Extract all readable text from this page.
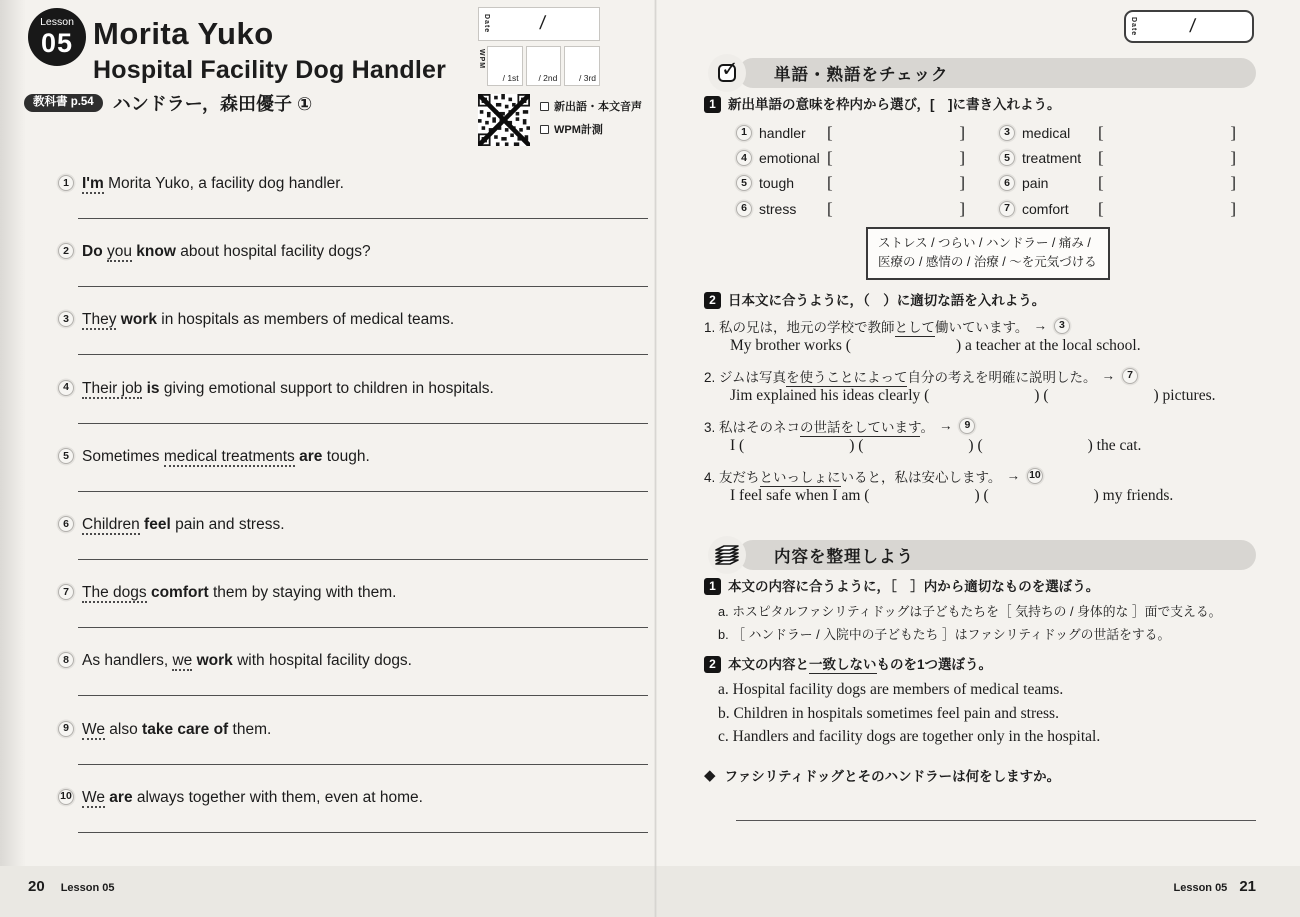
Lesson
05 Morita Yuko
Hospital Facility Dog Handler
教科書 p.54	ハンドラー，森田優子 ①
Date	/
WPM
/ 1st	/ 2nd	/ 3rd
新出語・本文音声
WPM計測
1 I'm Morita Yuko, a facility dog handler.
2 Do you know about hospital facility dogs?
3 They work in hospitals as members of medical teams.
4 Their job is giving emotional support to children in hospitals.
5 Sometimes medical treatments are tough.
6 Children feel pain and stress.
7 The dogs comfort them by staying with them.
8 As handlers, we work with hospital facility dogs.
9 We also take care of them.
10 We are always together with them, even at home.
20 Lesson 05
Date	/
✓	単語・熟語をチェック
1 新出単語の意味を枠内から選び，[　]に書き入れよう。
1 handler	[	]	3 medical	[	]
4 emotional [	]	5 treatment [	]
5 tough	[	]	6 pain	[	]
6 stress	[	]	7 comfort	[	]
ストレス / つらい / ハンドラー / 痛み /
医療の / 感情の / 治療 / ～を元気づける
2 日本文に合うように，（　）に適切な語を入れよう。
1. 私の兄は，地元の学校で教師として働いています。 →	3
My brother works (	) a teacher at the local school.
2. ジムは写真を使うことによって自分の考えを明確に説明した。 →	7
Jim explained his ideas clearly (	) (	) pictures.
3. 私はそのネコの世話をしています。 →	9
I (	) (	) (	) the cat.
4. 友だちといっしょにいると，私は安心します。 → 10
I feel safe when I am (	) (	) my friends.
内容を整理しよう
1 本文の内容に合うように，［　］内から適切なものを選ぼう。
a. ホスピタルファシリティドッグは子どもたちを［ 気持ちの / 身体的な ］面で支える。
b. ［ ハンドラー / 入院中の子どもたち ］はファシリティドッグの世話をする。
2 本文の内容と一致しないものを1つ選ぼう。
a. Hospital facility dogs are members of medical teams.
b. Children in hospitals sometimes feel pain and stress.
c. Handlers and facility dogs are together only in the hospital.
◆ ファシリティドッグとそのハンドラーは何をしますか。
Lesson 05 21
